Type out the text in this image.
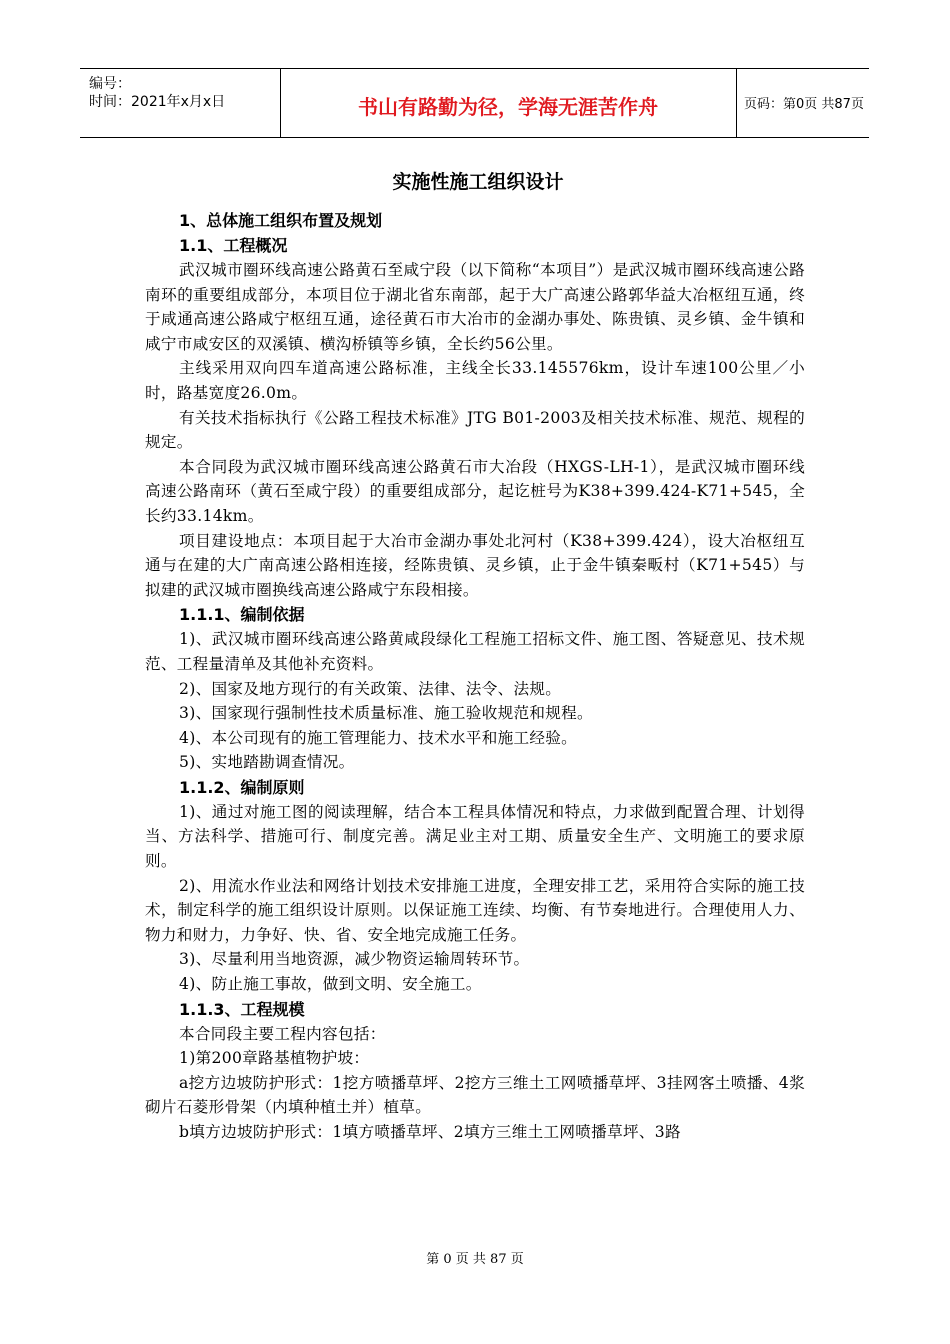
编号：
时间：2021年x月x日	书山有路勤为径，学海无涯苦作舟	页码：第0页 共87页
实施性施工组织设计

1、总体施工组织布置及规划

1.1、工程概况

武汉城市圈环线高速公路黄石至咸宁段（以下简称“本项目”）是武汉城市圈环线高速公路南环的重要组成部分，本项目位于湖北省东南部，起于大广高速公路郭华益大冶枢纽互通，终于咸通高速公路咸宁枢纽互通，途径黄石市大冶市的金湖办事处、陈贵镇、灵乡镇、金牛镇和咸宁市咸安区的双溪镇、横沟桥镇等乡镇，全长约56公里。

主线采用双向四车道高速公路标准，主线全长33.145576km，设计车速100公里／小时，路基宽度26.0m。

有关技术指标执行《公路工程技术标准》JTG B01-2003及相关技术标准、规范、规程的规定。

本合同段为武汉城市圈环线高速公路黄石市大冶段（HXGS-LH-1），是武汉城市圈环线高速公路南环（黄石至咸宁段）的重要组成部分，起讫桩号为K38+399.424-K71+545，全长约33.14km。

项目建设地点：本项目起于大冶市金湖办事处北河村（K38+399.424），设大冶枢纽互通与在建的大广南高速公路相连接，经陈贵镇、灵乡镇，止于金牛镇秦畈村（K71+545）与拟建的武汉城市圈换线高速公路咸宁东段相接。

1.1.1、编制依据

1)、武汉城市圈环线高速公路黄咸段绿化工程施工招标文件、施工图、答疑意见、技术规范、工程量清单及其他补充资料。

2)、国家及地方现行的有关政策、法律、法令、法规。

3)、国家现行强制性技术质量标准、施工验收规范和规程。

4)、本公司现有的施工管理能力、技术水平和施工经验。

5)、实地踏勘调查情况。

1.1.2、编制原则

1)、通过对施工图的阅读理解，结合本工程具体情况和特点，力求做到配置合理、计划得当、方法科学、措施可行、制度完善。满足业主对工期、质量安全生产、文明施工的要求原则。

2)、用流水作业法和网络计划技术安排施工进度，全理安排工艺，采用符合实际的施工技术，制定科学的施工组织设计原则。以保证施工连续、均衡、有节奏地进行。合理使用人力、物力和财力，力争好、快、省、安全地完成施工任务。

3)、尽量利用当地资源，减少物资运输周转环节。

4)、防止施工事故，做到文明、安全施工。

1.1.3、工程规模

本合同段主要工程内容包括：

1)第200章路基植物护坡：

a挖方边坡防护形式：1挖方喷播草坪、2挖方三维土工网喷播草坪、3挂网客土喷播、4浆砌片石菱形骨架（内填种植土并）植草。

b填方边坡防护形式：1填方喷播草坪、2填方三维土工网喷播草坪、3路

第 0 页 共 87 页
